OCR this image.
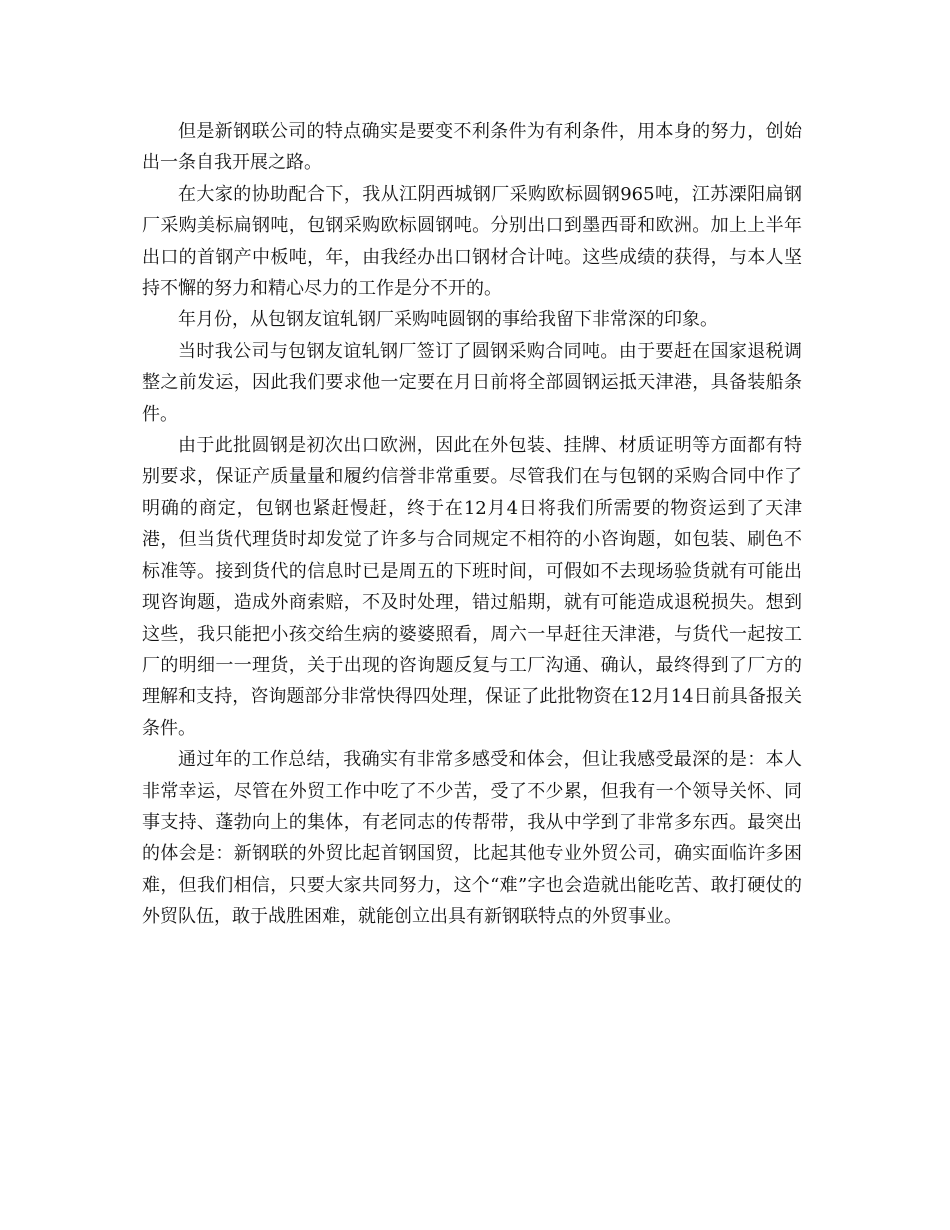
但是新钢联公司的特点确实是要变不利条件为有利条件，用本身的努力，创始出一条自我开展之路。

在大家的协助配合下，我从江阴西城钢厂采购欧标圆钢965吨，江苏溧阳扁钢厂采购美标扁钢吨，包钢采购欧标圆钢吨。分别出口到墨西哥和欧洲。加上上半年出口的首钢产中板吨，年，由我经办出口钢材合计吨。这些成绩的获得，与本人坚持不懈的努力和精心尽力的工作是分不开的。

年月份，从包钢友谊轧钢厂采购吨圆钢的事给我留下非常深的印象。

当时我公司与包钢友谊轧钢厂签订了圆钢采购合同吨。由于要赶在国家退税调整之前发运，因此我们要求他一定要在月日前将全部圆钢运抵天津港，具备装船条件。

由于此批圆钢是初次出口欧洲，因此在外包装、挂牌、材质证明等方面都有特别要求，保证产质量量和履约信誉非常重要。尽管我们在与包钢的采购合同中作了明确的商定，包钢也紧赶慢赶，终于在12月4日将我们所需要的物资运到了天津港，但当货代理货时却发觉了许多与合同规定不相符的小咨询题，如包装、刷色不标准等。接到货代的信息时已是周五的下班时间，可假如不去现场验货就有可能出现咨询题，造成外商索赔，不及时处理，错过船期，就有可能造成退税损失。想到这些，我只能把小孩交给生病的婆婆照看，周六一早赶往天津港，与货代一起按工厂的明细一一理货，关于出现的咨询题反复与工厂沟通、确认，最终得到了厂方的理解和支持，咨询题部分非常快得四处理，保证了此批物资在12月14日前具备报关条件。

通过年的工作总结，我确实有非常多感受和体会，但让我感受最深的是：本人非常幸运，尽管在外贸工作中吃了不少苦，受了不少累，但我有一个领导关怀、同事支持、蓬勃向上的集体，有老同志的传帮带，我从中学到了非常多东西。最突出的体会是：新钢联的外贸比起首钢国贸，比起其他专业外贸公司，确实面临许多困难，但我们相信，只要大家共同努力，这个“难”字也会造就出能吃苦、敢打硬仗的外贸队伍，敢于战胜困难，就能创立出具有新钢联特点的外贸事业。
